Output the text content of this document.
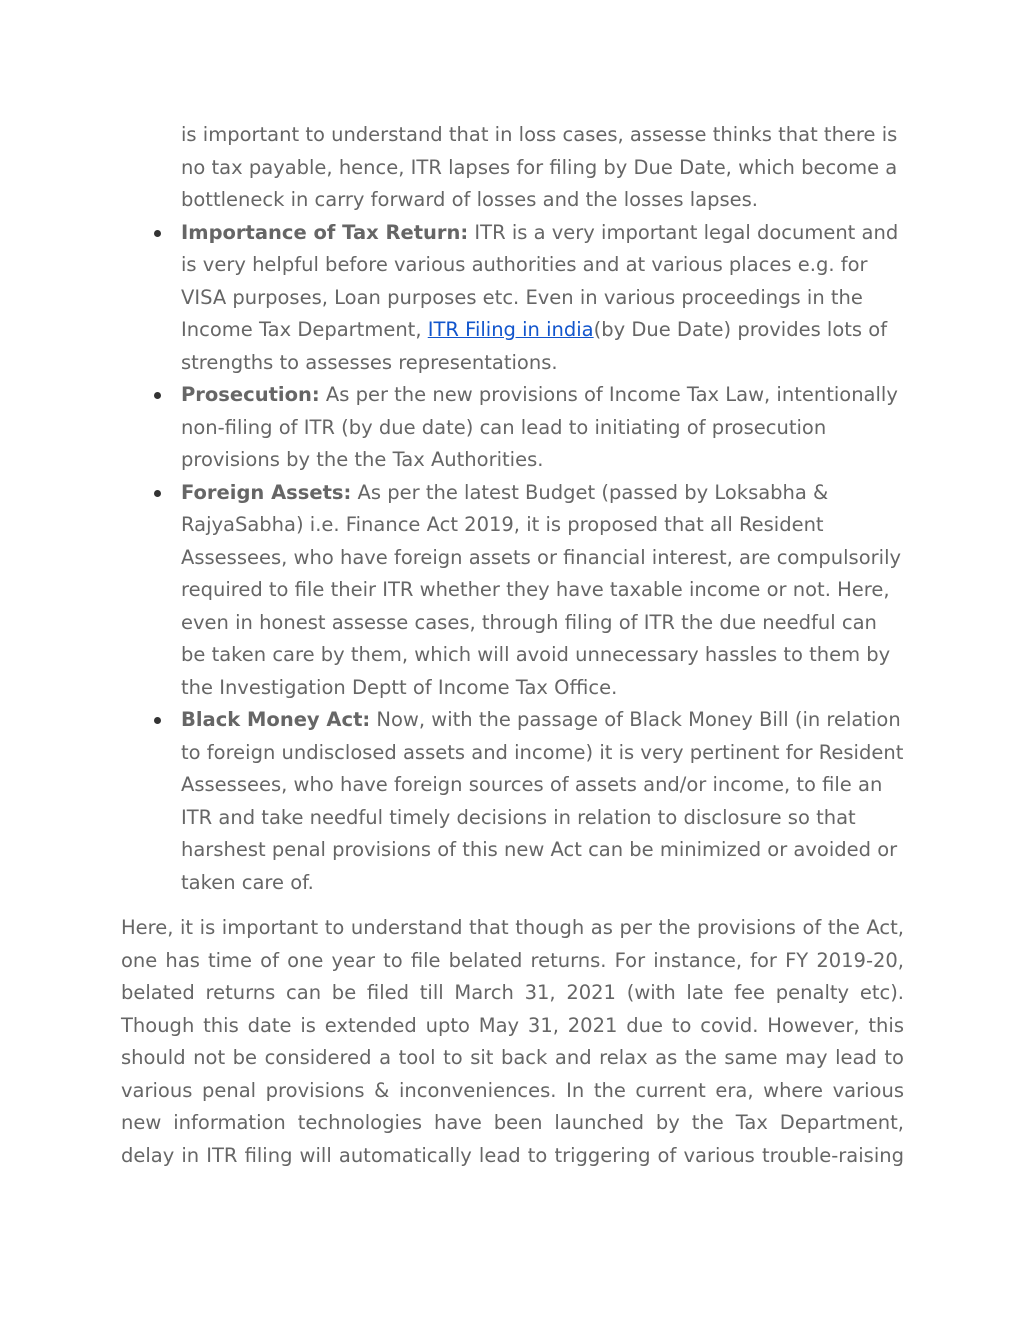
is important to understand that in loss cases, assesse thinks that there is no tax payable, hence, ITR lapses for filing by Due Date, which become a bottleneck in carry forward of losses and the losses lapses.
Importance of Tax Return: ITR is a very important legal document and is very helpful before various authorities and at various places e.g. for VISA purposes, Loan purposes etc. Even in various proceedings in the Income Tax Department, ITR Filing in india(by Due Date) provides lots of strengths to assesses representations.
Prosecution: As per the new provisions of Income Tax Law, intentionally non-filing of ITR (by due date) can lead to initiating of prosecution provisions by the the Tax Authorities.
Foreign Assets: As per the latest Budget (passed by Loksabha & RajyaSabha) i.e. Finance Act 2019, it is proposed that all Resident Assessees, who have foreign assets or financial interest, are compulsorily required to file their ITR whether they have taxable income or not. Here, even in honest assesse cases, through filing of ITR the due needful can be taken care by them, which will avoid unnecessary hassles to them by the Investigation Deptt of Income Tax Office.
Black Money Act: Now, with the passage of Black Money Bill (in relation to foreign undisclosed assets and income) it is very pertinent for Resident Assessees, who have foreign sources of assets and/or income, to file an ITR and take needful timely decisions in relation to disclosure so that harshest penal provisions of this new Act can be minimized or avoided or taken care of.

Here, it is important to understand that though as per the provisions of the Act, one has time of one year to file belated returns. For instance, for FY 2019-20, belated returns can be filed till March 31, 2021 (with late fee penalty etc). Though this date is extended upto May 31, 2021 due to covid. However, this should not be considered a tool to sit back and relax as the same may lead to various penal provisions & inconveniences. In the current era, where various new information technologies have been launched by the Tax Department, delay in ITR filing will automatically lead to triggering of various trouble-raising
